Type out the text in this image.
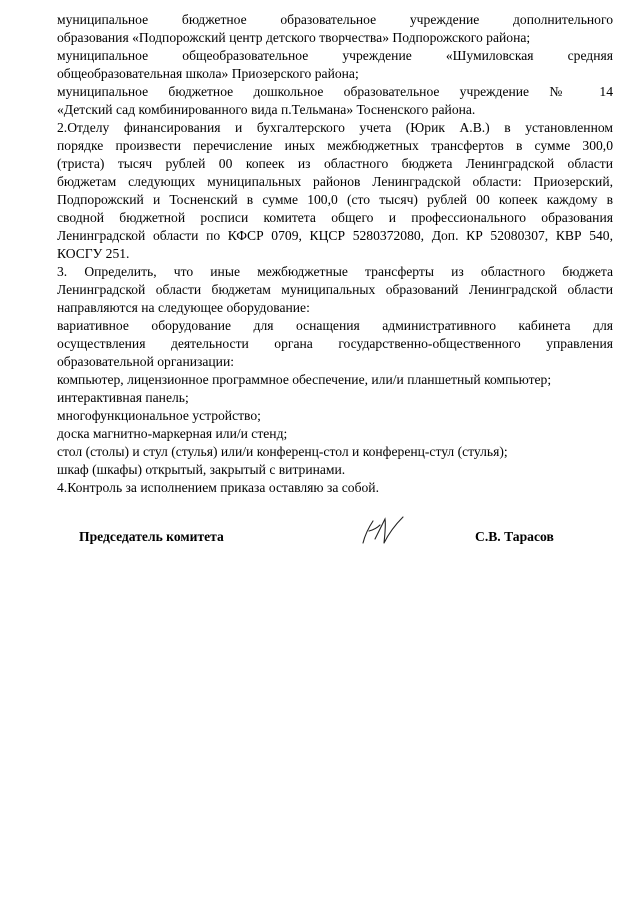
муниципальное бюджетное образовательное учреждение дополнительного
образования «Подпорожский центр детского творчества» Подпорожского района;
муниципальное общеобразовательное учреждение «Шумиловская средняя
общеобразовательная школа» Приозерского района;
муниципальное бюджетное дошкольное образовательное учреждение № 14
«Детский сад комбинированного вида п.Тельмана» Тосненского района.
2.Отделу финансирования и бухгалтерского учета (Юрик А.В.) в установленном
порядке произвести перечисление иных межбюджетных трансфертов в сумме 300,0
(триста) тысяч рублей 00 копеек из областного бюджета Ленинградской области
бюджетам следующих муниципальных районов Ленинградской области: Приозерский,
Подпорожский и Тосненский в сумме 100,0 (сто тысяч) рублей 00 копеек каждому в
сводной бюджетной росписи комитета общего и профессионального образования
Ленинградской области по КФСР 0709, КЦСР 5280372080, Доп. КР 52080307, КВР 540,
КОСГУ 251.
3. Определить, что иные межбюджетные трансферты из областного бюджета
Ленинградской области бюджетам муниципальных образований Ленинградской области
направляются на следующее оборудование:
вариативное оборудование для оснащения административного кабинета для
осуществления деятельности органа государственно-общественного управления
образовательной организации:
компьютер, лицензионное программное обеспечение, или/и планшетный компьютер;
интерактивная панель;
многофункциональное устройство;
доска магнитно-маркерная или/и стенд;
стол (столы) и стул (стулья) или/и конференц-стол и конференц-стул (стулья);
шкаф (шкафы) открытый, закрытый с витринами.
4.Контроль за исполнением приказа оставляю за собой.
Председатель комитета	С.В. Тарасов
